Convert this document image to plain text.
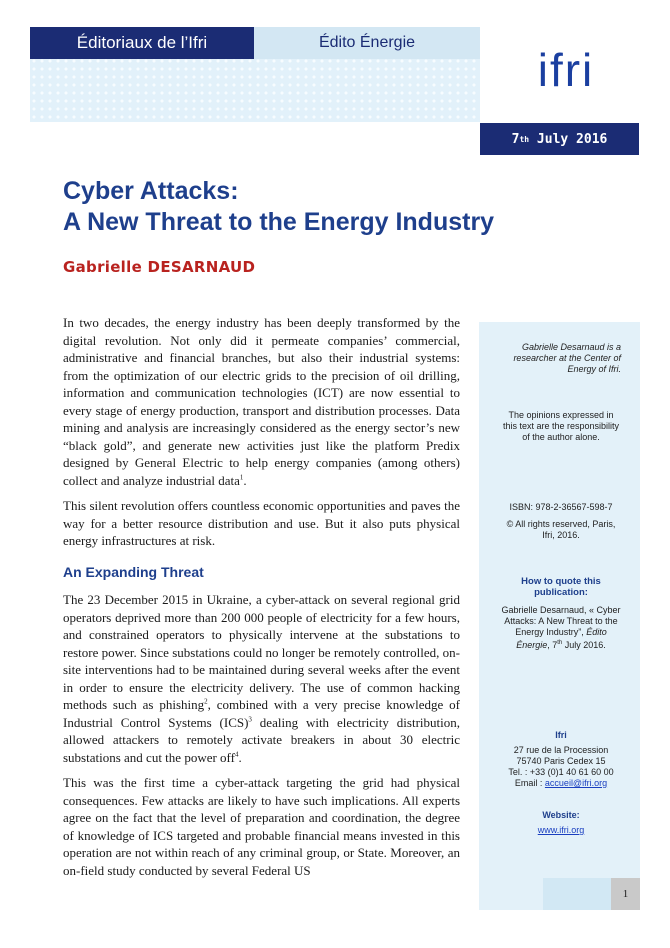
Éditoriaux de l’Ifri	Édito Énergie
ifri
7 th July 2016
Cyber Attacks:
A New Threat to the Energy Industry

Gabrielle DESARNAUD

In two decades, the energy industry has been deeply transformed by the digital revolution. Not only did it permeate companies’ commercial, administrative and financial branches, but also their industrial systems: from the optimization of our electric grids to the precision of oil drilling, information and communication technologies (ICT) are now essential to every stage of energy production, transport and distribution processes. Data mining and analysis are increasingly considered as the energy sector’s new “black gold”, and generate new activities just like the platform Predix designed by General Electric to help energy companies (among others) collect and analyze industrial data$^1$.

This silent revolution offers countless economic opportunities and paves the way for a better resource distribution and use. But it also puts physical energy infrastructures at risk.

An Expanding Threat

The 23 December 2015 in Ukraine, a cyber-attack on several regional grid operators deprived more than 200 000 people of electricity for a few hours, and constrained operators to physically intervene at the substations to restore power. Since substations could no longer be remotely controlled, on-site interventions had to be maintained during several weeks after the event in order to ensure the electricity delivery. The use of common hacking methods such as phishing$^2$, combined with a very precise knowledge of Industrial Control Systems (ICS)$^3$ dealing with electricity distribution, allowed attackers to remotely activate breakers in about 30 electric substations and cut the power off$^4$.

This was the first time a cyber-attack targeting the grid had physical consequences. Few attacks are likely to have such implications. All experts agree on the fact that the level of preparation and coordination, the degree of knowledge of ICS targeted and probable financial means invested in this operation are not within reach of any criminal group, or State. Moreover, an on-field study conducted by several Federal US

Gabrielle Desarnaud is a researcher at the Center of Energy of Ifri.
The opinions expressed in this text are the responsibility of the author alone.
ISBN: 978-2-36567-598-7
© All rights reserved, Paris, Ifri, 2016.
How to quote this publication:
Gabrielle Desarnaud, « Cyber Attacks: A New Threat to the Energy Industry”, Édito Énergie, 7th July 2016.
Ifri
27 rue de la Procession
75740 Paris Cedex 15
Tel. : +33 (0)1 40 61 60 00
Email : accueil@ifri.org
Website:
www.ifri.org
1
